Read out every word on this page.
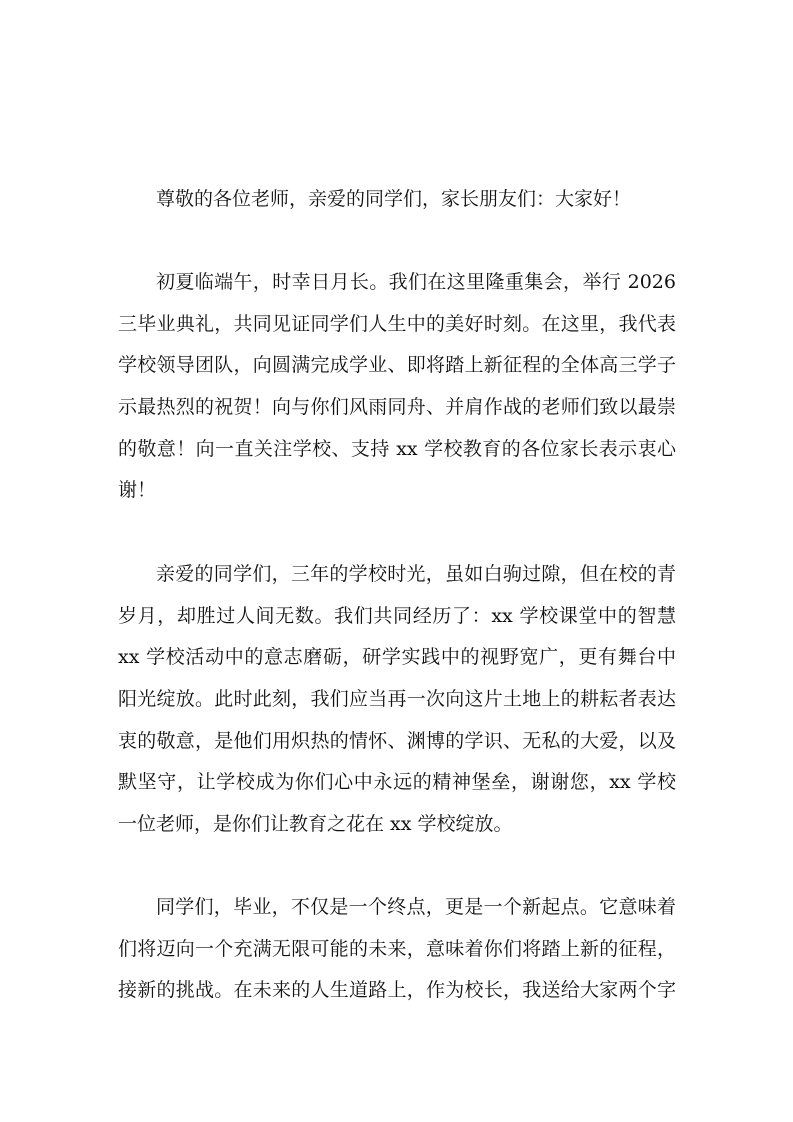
尊敬的各位老师，亲爱的同学们，家长朋友们：大家好！
初夏临端午，时幸日月长。我们在这里隆重集会，举行 2026
三毕业典礼，共同见证同学们人生中的美好时刻。在这里，我代表
学校领导团队，向圆满完成学业、即将踏上新征程的全体高三学子
示最热烈的祝贺！向与你们风雨同舟、并肩作战的老师们致以最崇
的敬意！向一直关注学校、支持 xx 学校教育的各位家长表示衷心
谢！
亲爱的同学们，三年的学校时光，虽如白驹过隙，但在校的青
岁月，却胜过人间无数。我们共同经历了：xx 学校课堂中的智慧
xx 学校活动中的意志磨砺，研学实践中的视野宽广，更有舞台中
阳光绽放。此时此刻，我们应当再一次向这片土地上的耕耘者表达
衷的敬意，是他们用炽热的情怀、渊博的学识、无私的大爱，以及
默坚守，让学校成为你们心中永远的精神堡垒，谢谢您，xx 学校
一位老师，是你们让教育之花在 xx 学校绽放。
同学们，毕业，不仅是一个终点，更是一个新起点。它意味着
们将迈向一个充满无限可能的未来，意味着你们将踏上新的征程，
接新的挑战。在未来的人生道路上，作为校长，我送给大家两个字
